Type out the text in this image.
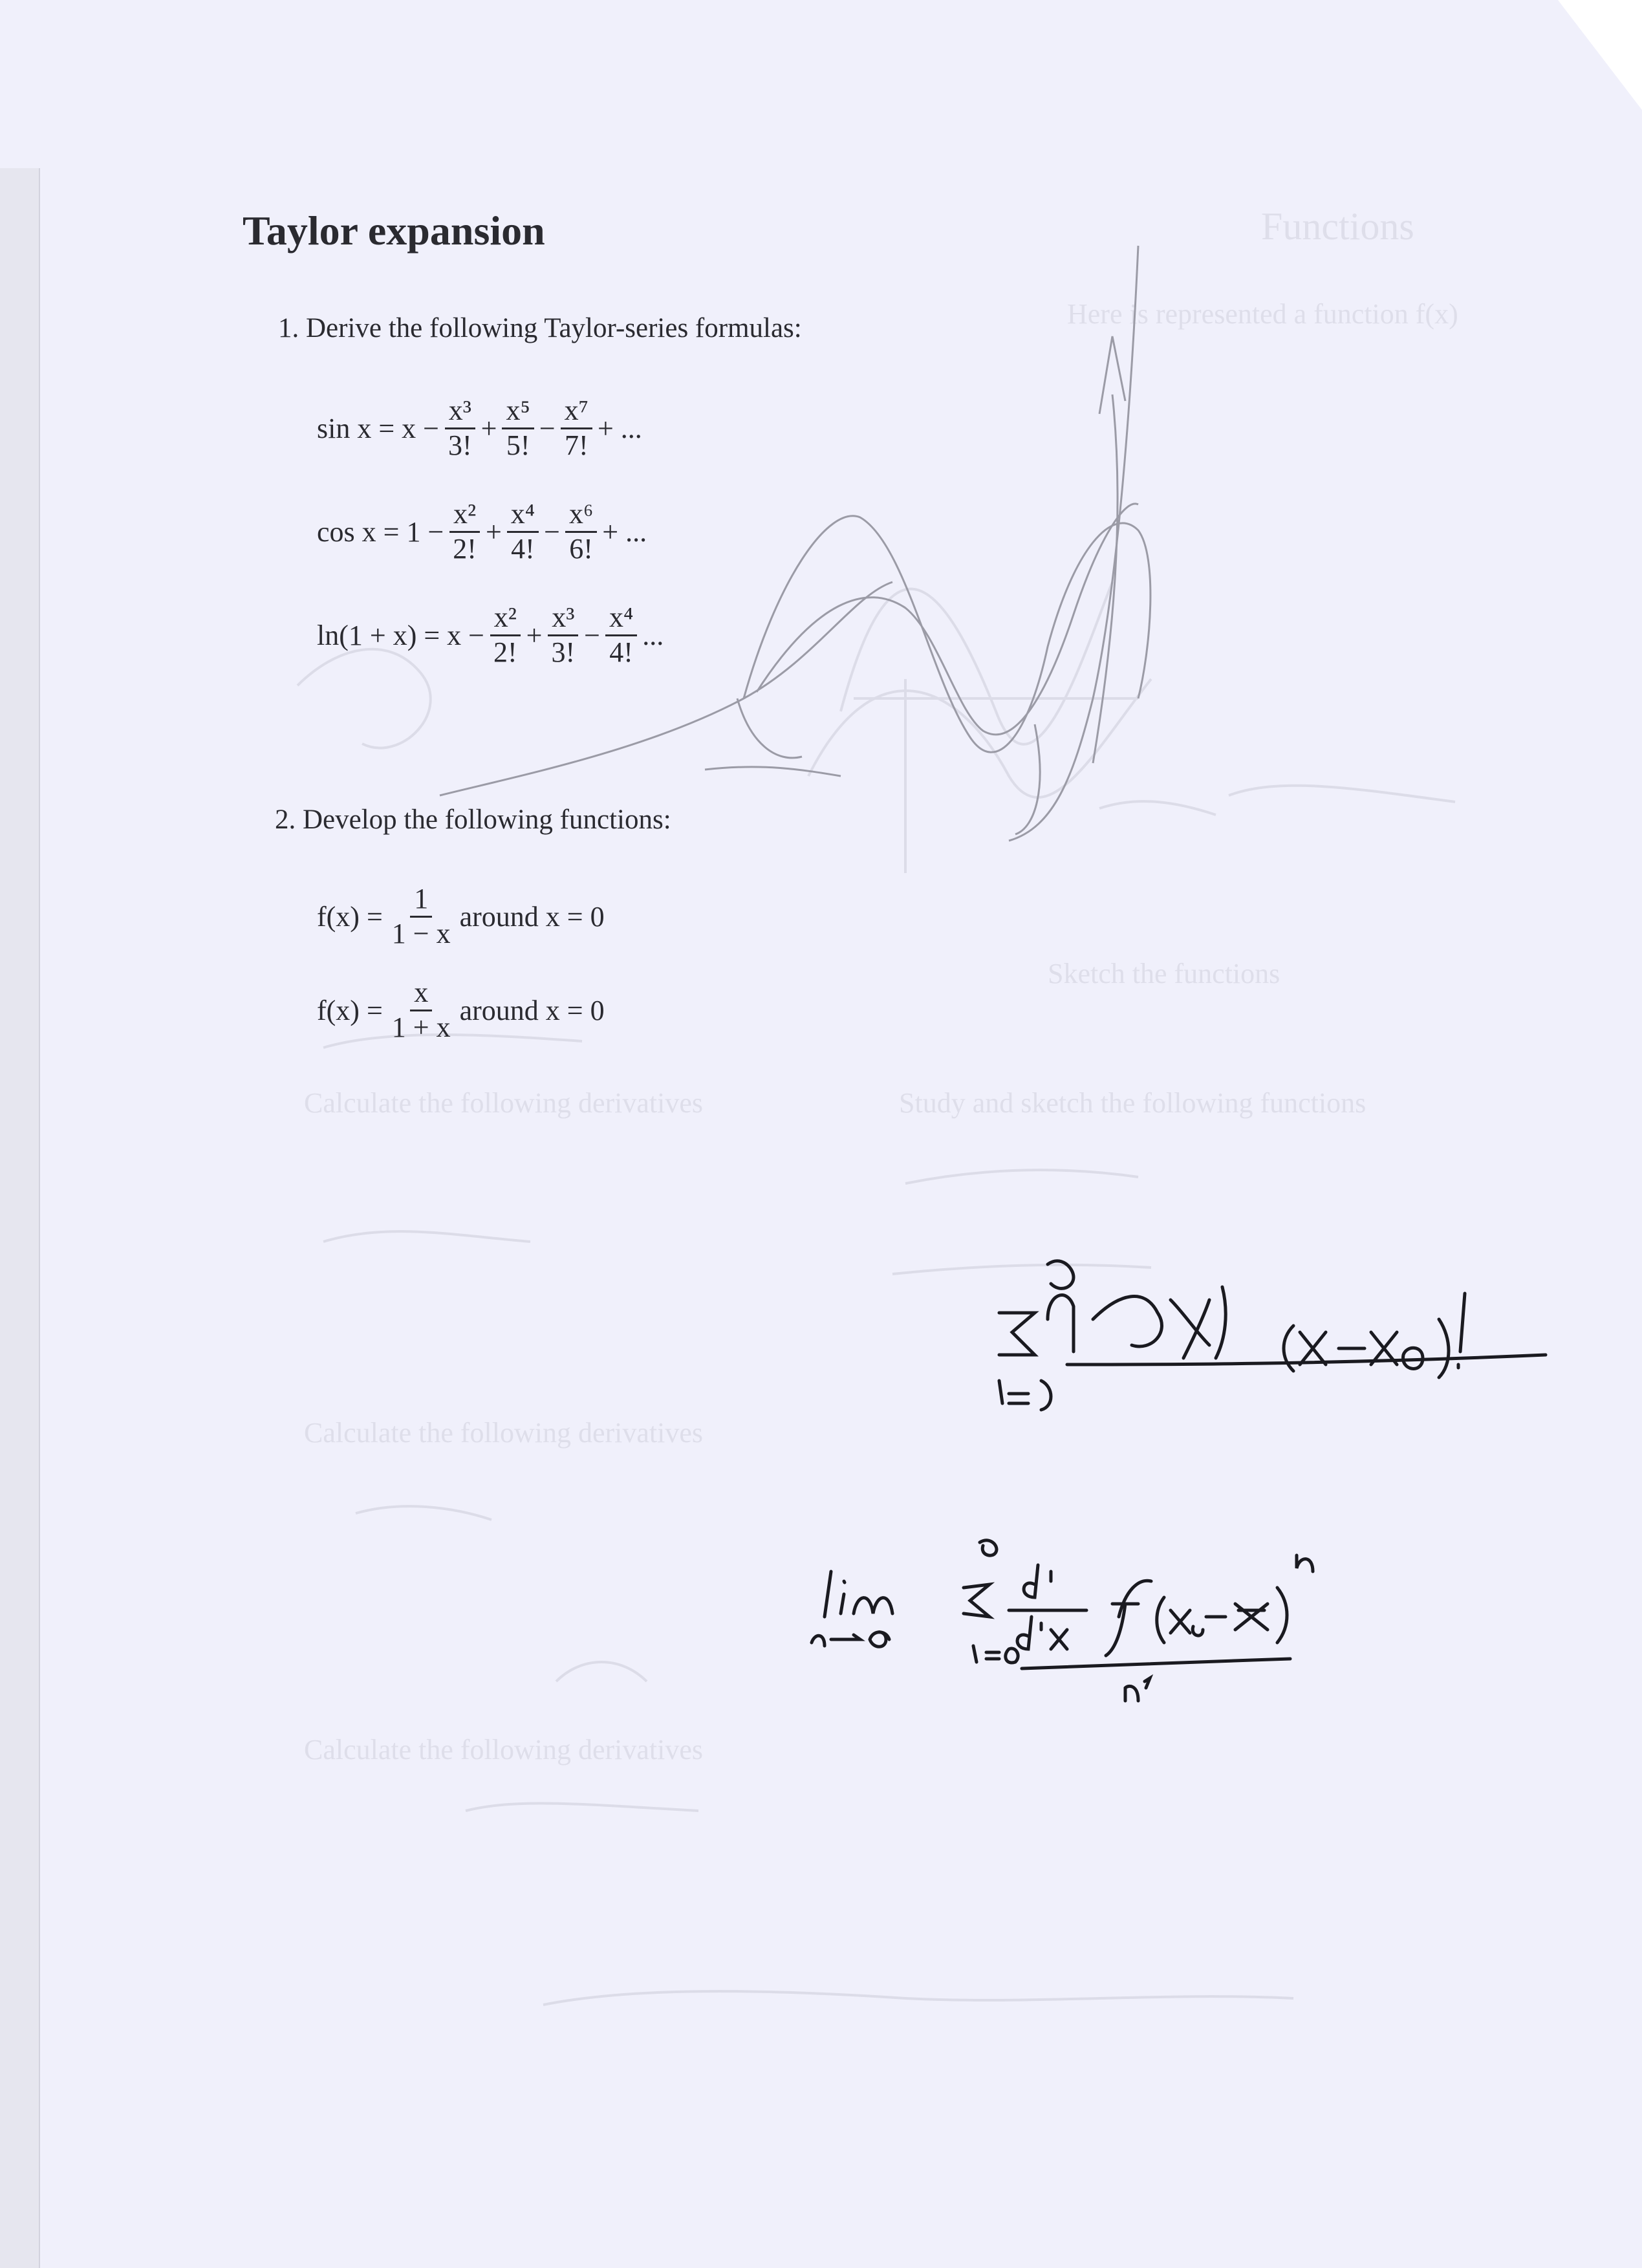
Here is represented a function f(x)
Functions
Sketch the functions
Calculate the following derivatives	Study and sketch the following functions
Calculate the following derivatives
Calculate the following derivatives
Taylor expansion
1. Derive the following Taylor-series formulas:
$\sin x = x - \frac{\text{x³}}{3!} + \frac{\text{x⁵}}{5!} - \frac{\text{x⁷}}{7!}$ + ...
$\cos x = 1 - \frac{\text{x²}}{2!} + \frac{\text{x⁴}}{4!} - \frac{\text{x⁶}}{6!}$ + ...
$\ln(1 + x) = x - \frac{\text{x²}}{2!} + \frac{\text{x³}}{3!} - \frac{\text{x⁴}}{4!}$ ...
2. Develop the following functions:
$f(x) = \frac{1}{1 - x}$ around x = 0
$f(x) = \frac{x}{1 + x}$ around x = 0
